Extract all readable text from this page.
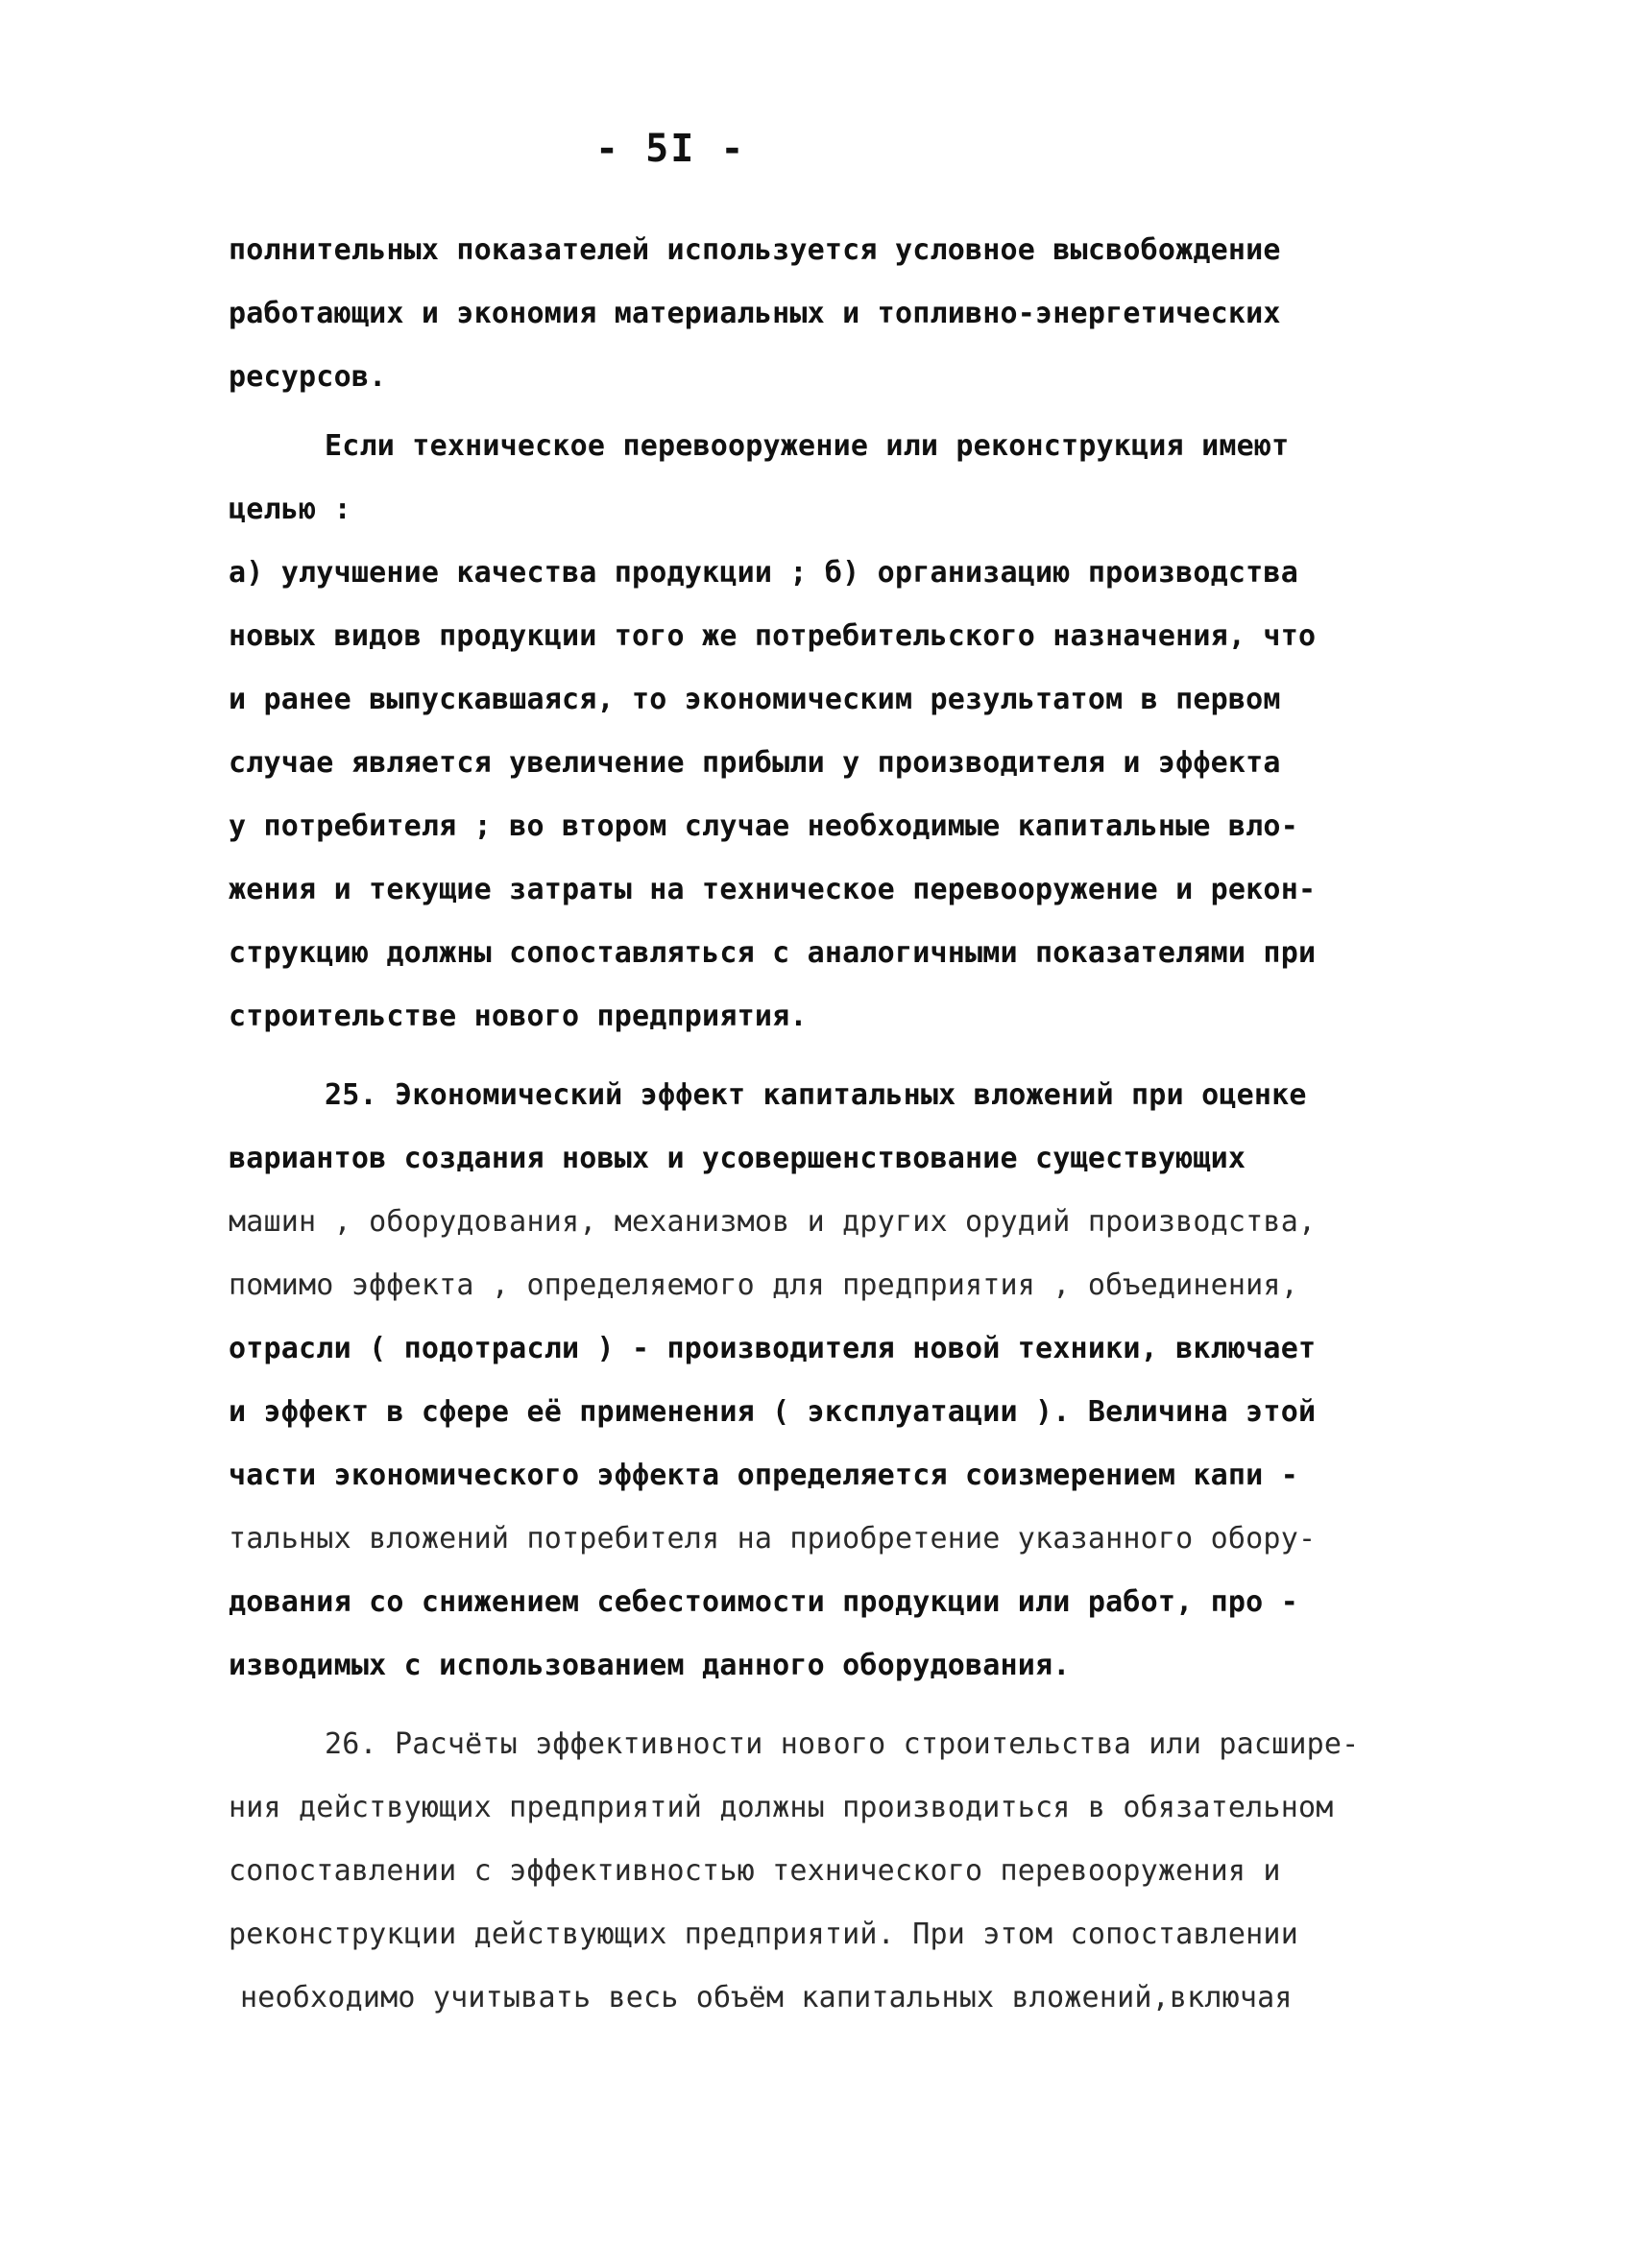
- 5I -
полнительных показателей используется условное высвобождение
работающих и экономия материальных и топливно-энергетических
ресурсов.
Если техническое перевооружение или реконструкция имеют
целью :
а) улучшение качества продукции ; б) организацию производства
новых видов продукции того же потребительского назначения, что
и ранее выпускавшаяся, то экономическим результатом в первом
случае является увеличение прибыли у производителя и эффекта
у потребителя ; во втором случае необходимые капитальные вло-
жения и текущие затраты на техническое перевооружение и рекон-
струкцию должны сопоставляться с аналогичными показателями при
строительстве нового предприятия.
25. Экономический эффект капитальных вложений при оценке
вариантов создания новых и усовершенствование существующих
машин , оборудования, механизмов и других орудий производства,
помимо эффекта , определяемого для предприятия , объединения,
отрасли ( подотрасли ) - производителя новой техники, включает
и эффект в сфере её применения ( эксплуатации ). Величина этой
части экономического эффекта определяется соизмерением капи -
тальных вложений потребителя на приобретение указанного обору-
дования со снижением себестоимости продукции или работ, про -
изводимых с использованием данного оборудования.
26. Расчёты эффективности нового строительства или расшире-
ния действующих предприятий должны производиться в обязательном
сопоставлении с эффективностью технического перевооружения и
реконструкции действующих предприятий. При этом сопоставлении
необходимо учитывать весь объём капитальных вложений,включая
